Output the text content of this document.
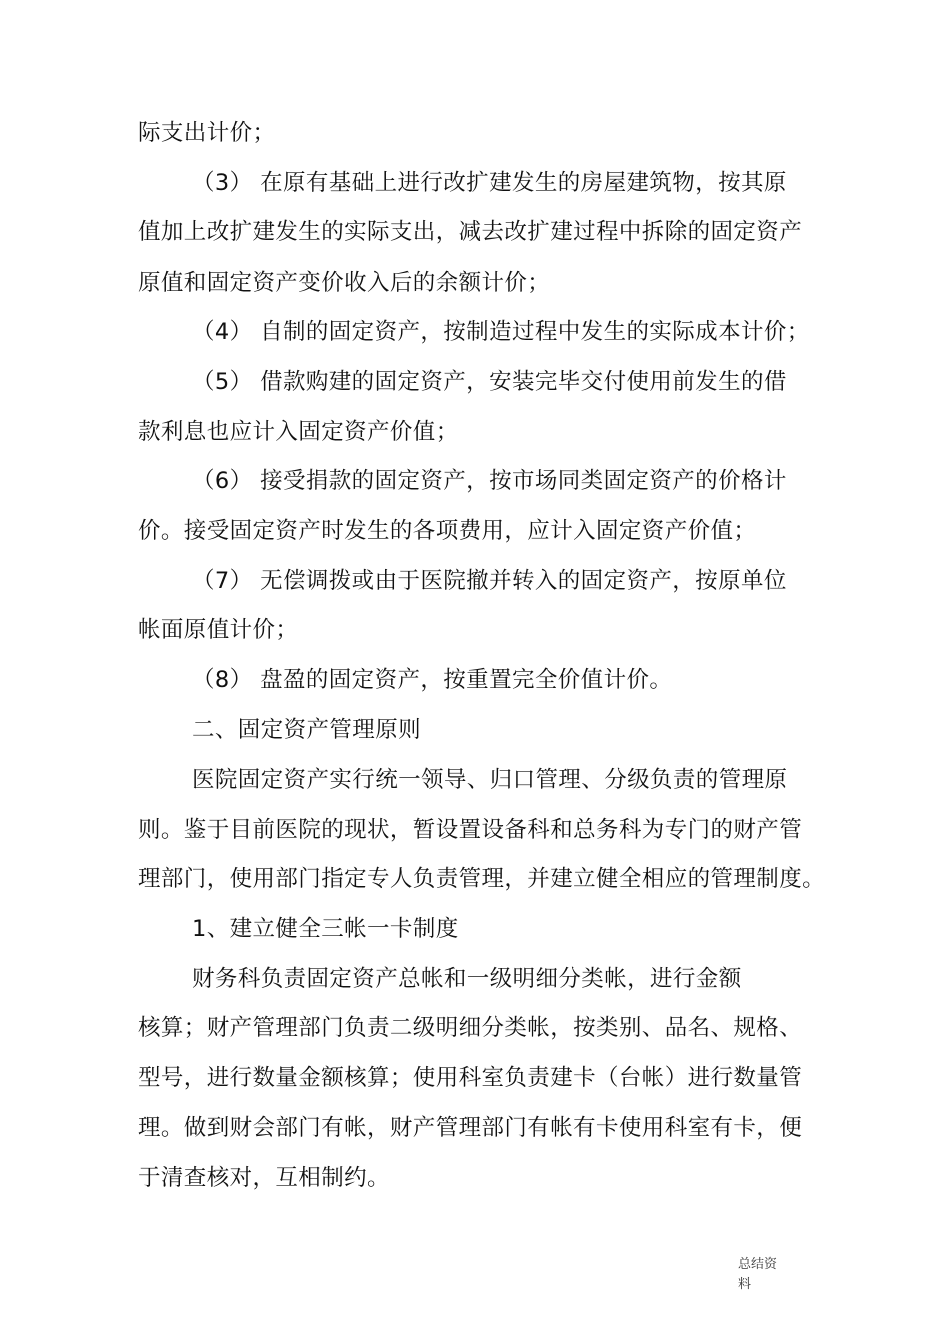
际支出计价；
（3） 在原有基础上进行改扩建发生的房屋建筑物，按其原
值加上改扩建发生的实际支出，减去改扩建过程中拆除的固定资产
原值和固定资产变价收入后的余额计价；
（4） 自制的固定资产，按制造过程中发生的实际成本计价；
（5） 借款购建的固定资产，安装完毕交付使用前发生的借
款利息也应计入固定资产价值；
（6） 接受捐款的固定资产，按市场同类固定资产的价格计
价。接受固定资产时发生的各项费用，应计入固定资产价值；
（7） 无偿调拨或由于医院撤并转入的固定资产，按原单位
帐面原值计价；
（8） 盘盈的固定资产，按重置完全价值计价。
二、固定资产管理原则
医院固定资产实行统一领导、归口管理、分级负责的管理原
则。鉴于目前医院的现状，暂设置设备科和总务科为专门的财产管
理部门，使用部门指定专人负责管理，并建立健全相应的管理制度。
1、建立健全三帐一卡制度
财务科负责固定资产总帐和一级明细分类帐，进行金额
核算；财产管理部门负责二级明细分类帐，按类别、品名、规格、
型号，进行数量金额核算；使用科室负责建卡（台帐）进行数量管
理。做到财会部门有帐，财产管理部门有帐有卡使用科室有卡，便
于清查核对，互相制约。
总结资
料
